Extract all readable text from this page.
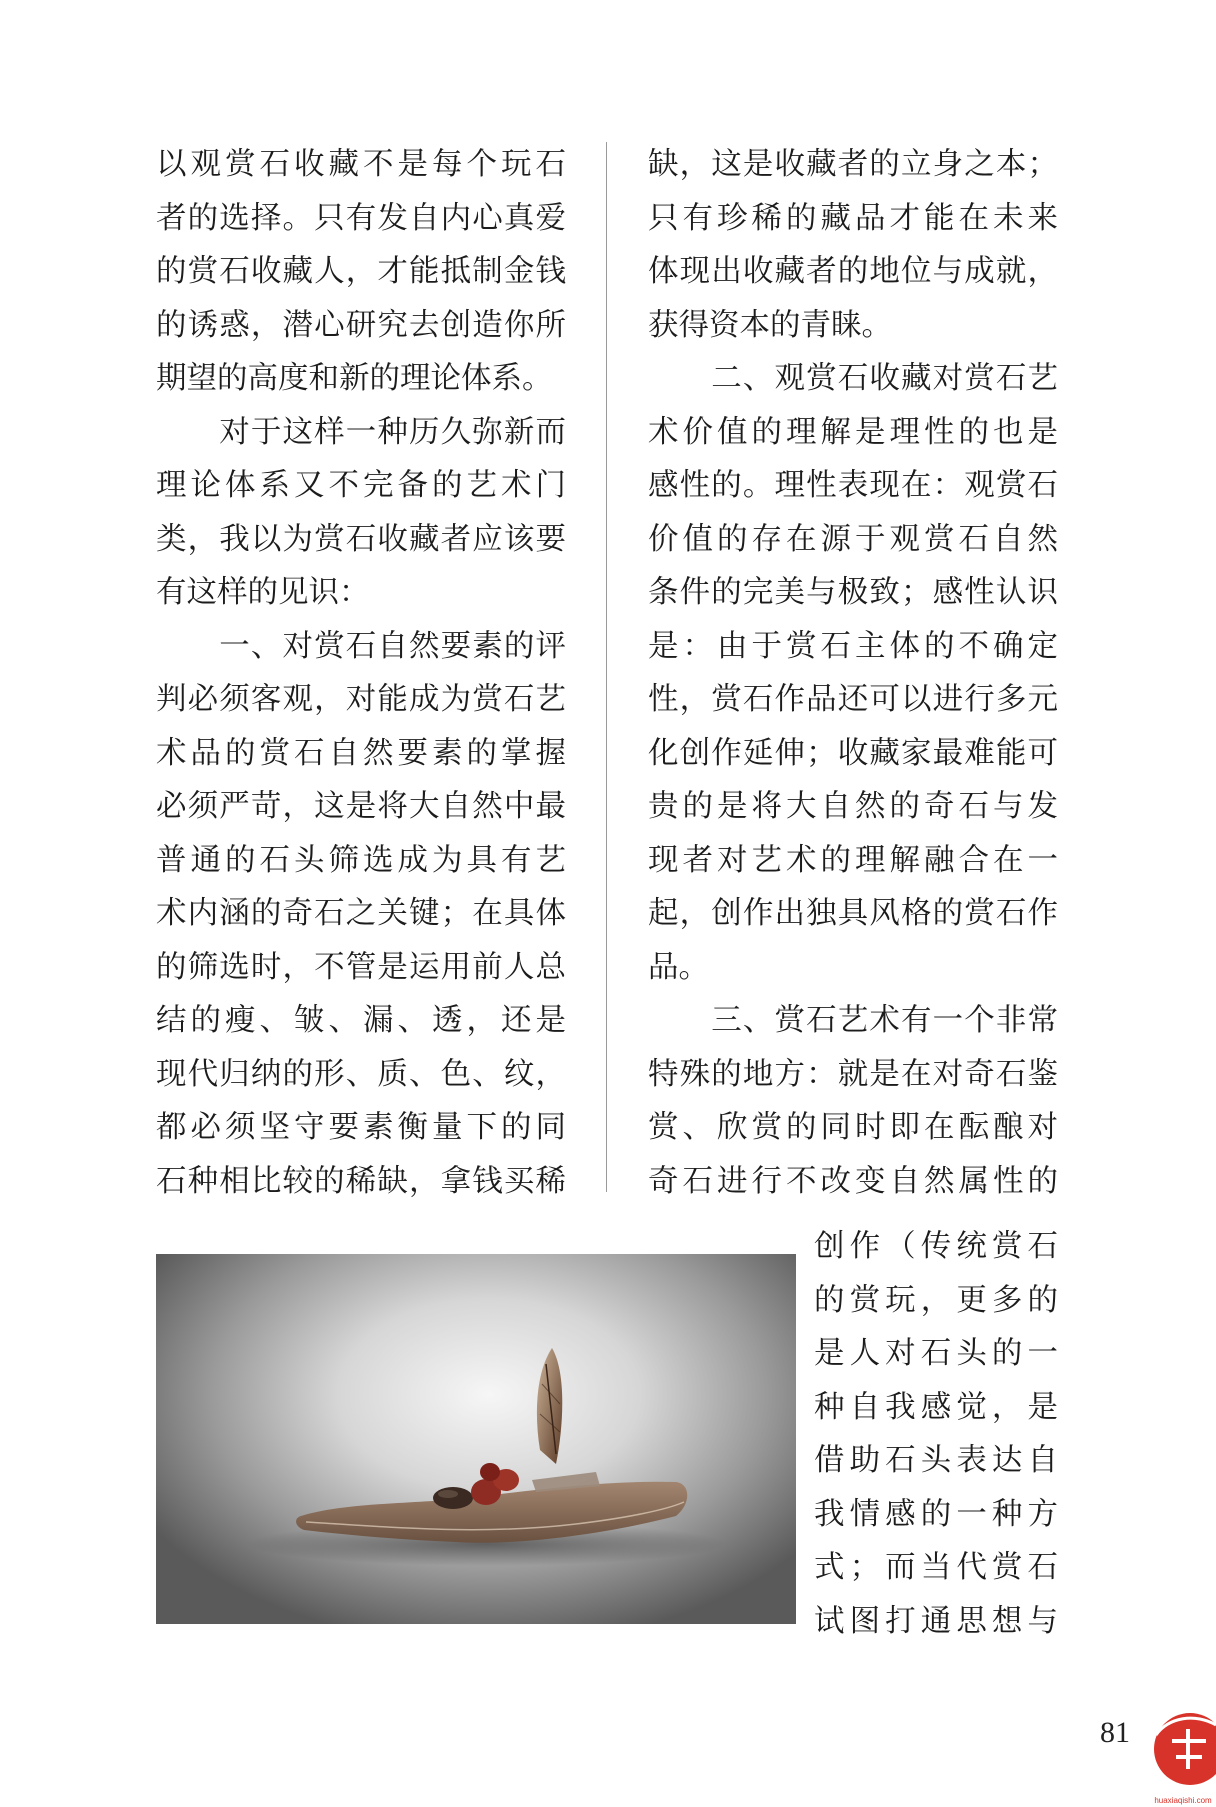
以观赏石收藏不是每个玩石

者的选择。只有发自内心真爱

的赏石收藏人，才能抵制金钱

的诱惑，潜心研究去创造你所

期望的高度和新的理论体系。

　　对于这样一种历久弥新而

理论体系又不完备的艺术门

类，我以为赏石收藏者应该要

有这样的见识：

　　一、对赏石自然要素的评

判必须客观，对能成为赏石艺

术品的赏石自然要素的掌握

必须严苛，这是将大自然中最

普通的石头筛选成为具有艺

术内涵的奇石之关键；在具体

的筛选时，不管是运用前人总

结的瘦、皱、漏、透，还是

现代归纳的形、质、色、纹，

都必须坚守要素衡量下的同

石种相比较的稀缺，拿钱买稀

缺，这是收藏者的立身之本；

只有珍稀的藏品才能在未来

体现出收藏者的地位与成就，

获得资本的青睐。

　　二、观赏石收藏对赏石艺

术价值的理解是理性的也是

感性的。理性表现在：观赏石

价值的存在源于观赏石自然

条件的完美与极致；感性认识

是：由于赏石主体的不确定

性，赏石作品还可以进行多元

化创作延伸；收藏家最难能可

贵的是将大自然的奇石与发

现者对艺术的理解融合在一

起，创作出独具风格的赏石作

品。

　　三、赏石艺术有一个非常

特殊的地方：就是在对奇石鉴

赏、欣赏的同时即在酝酿对

奇石进行不改变自然属性的

创作（传统赏石

的赏玩，更多的

是人对石头的一

种自我感觉，是

借助石头表达自

我情感的一种方

式；而当代赏石

试图打通思想与

81
huaxiaqishi.com
